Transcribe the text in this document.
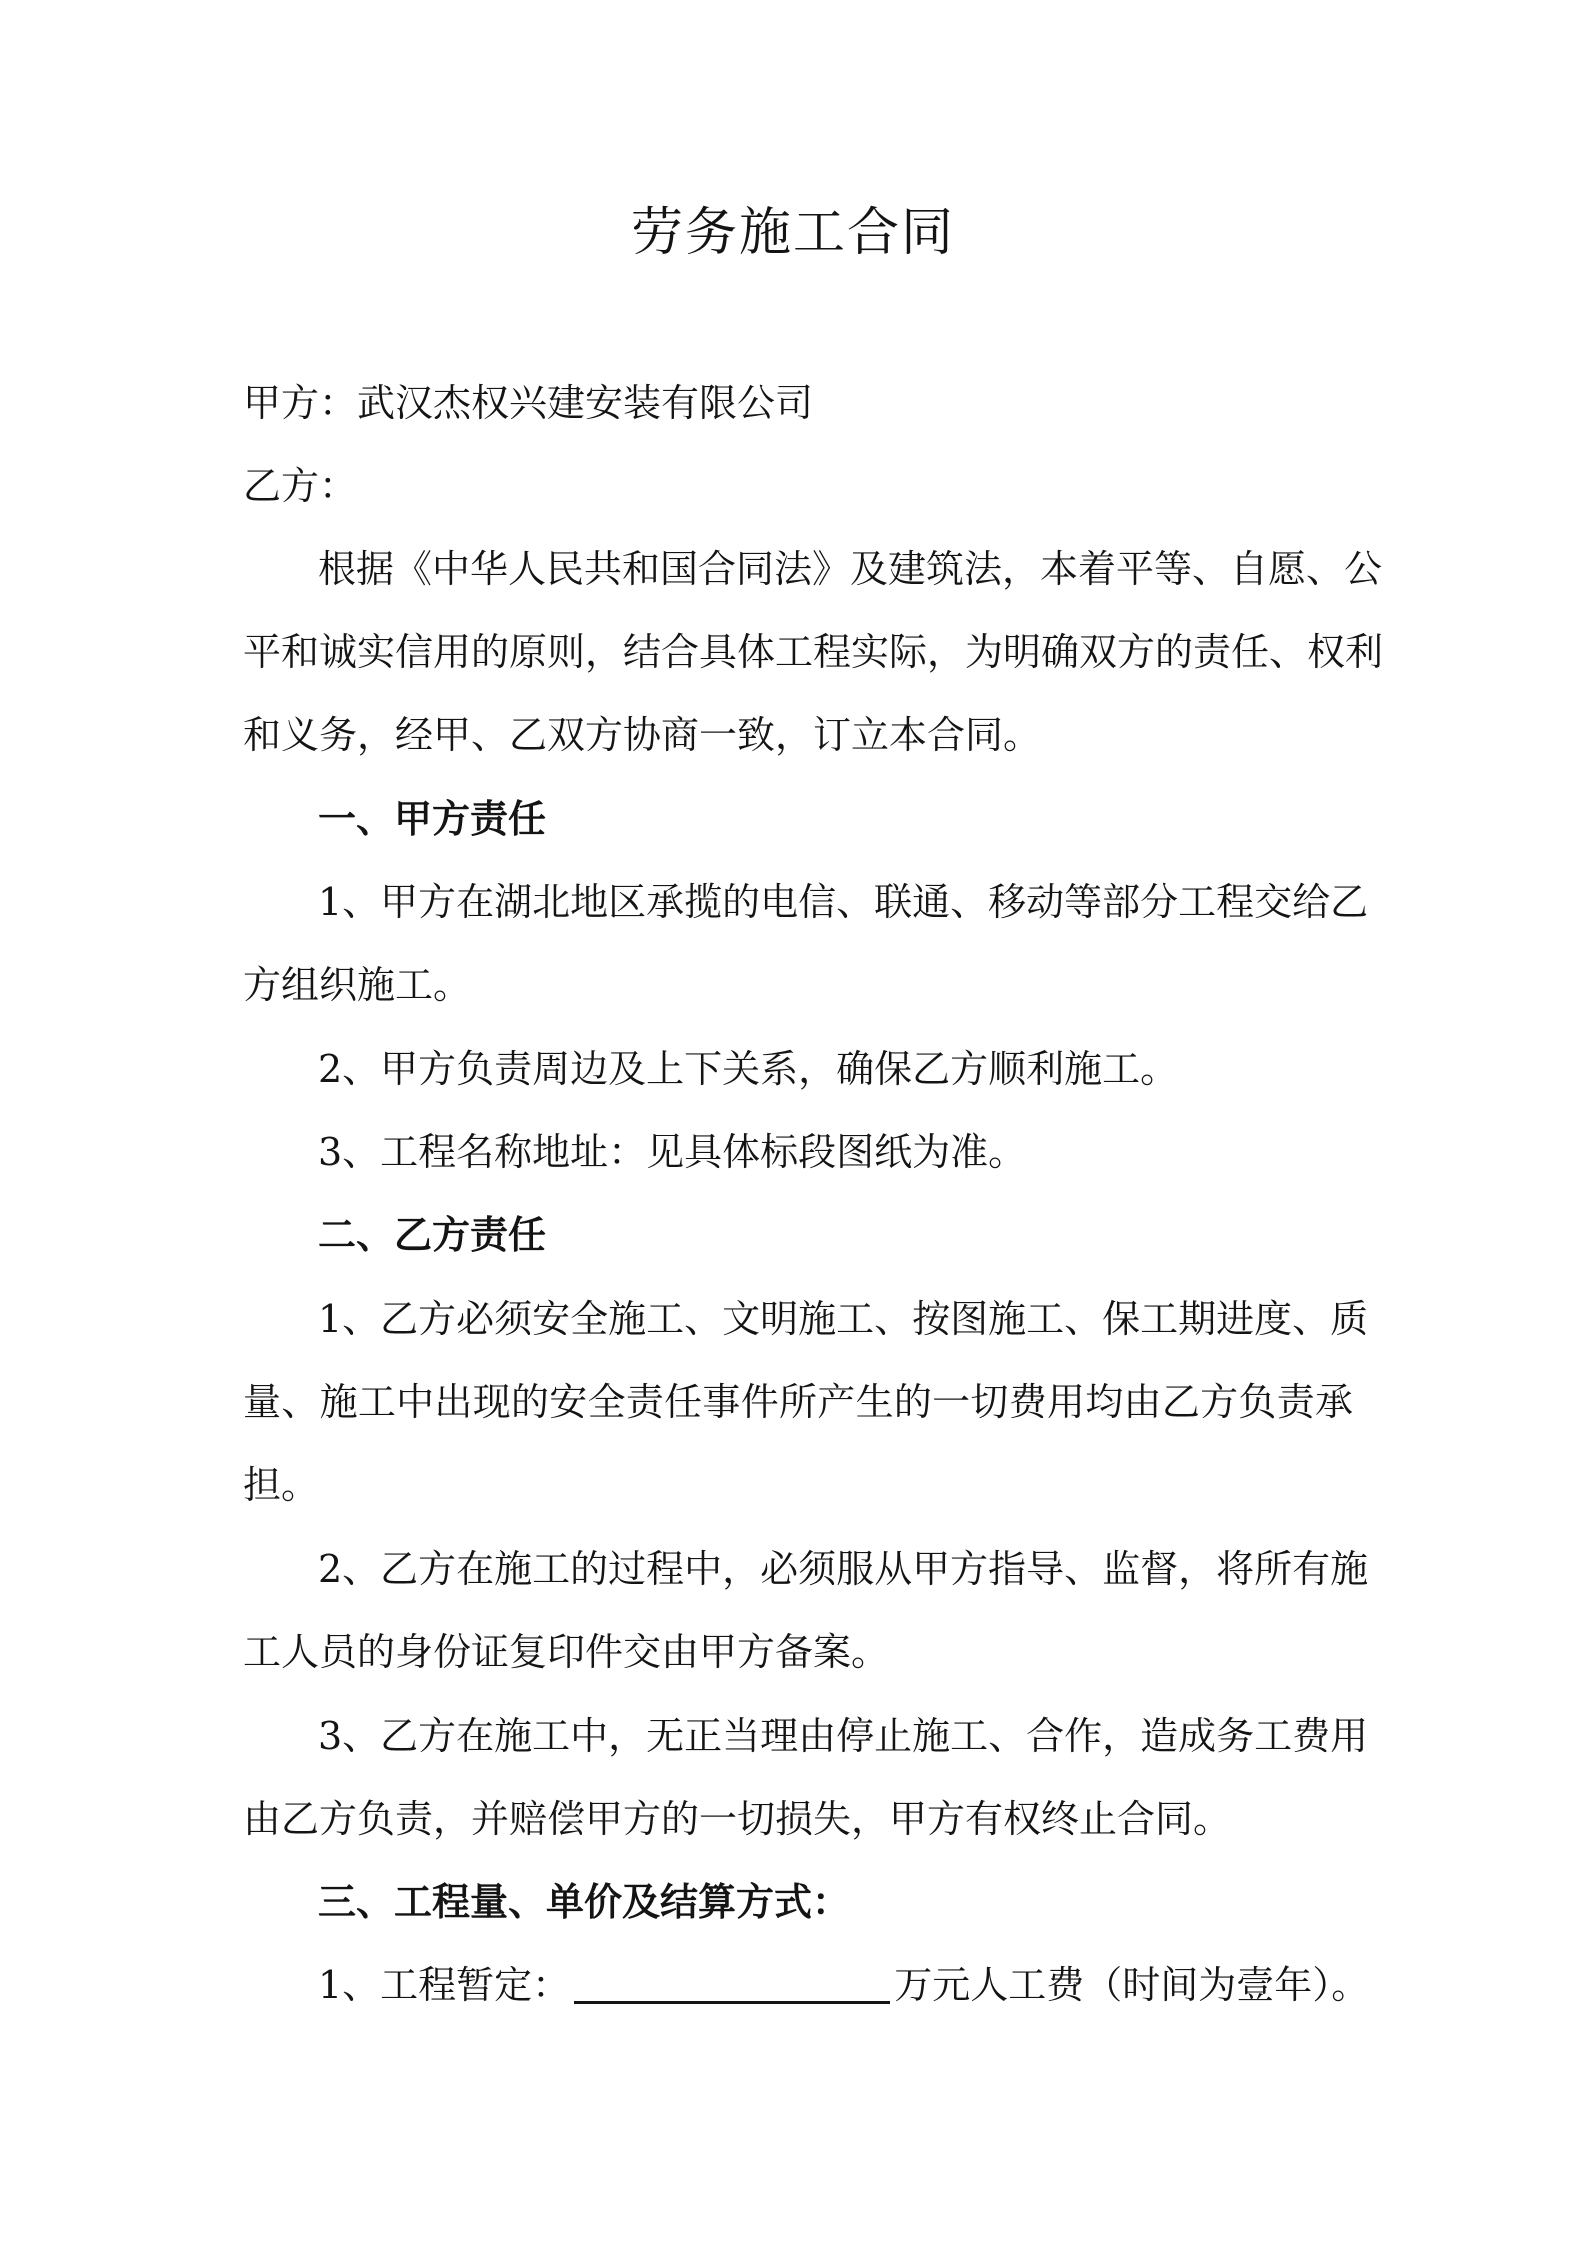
劳务施工合同

甲方：武汉杰权兴建安装有限公司

乙方：

根据《中华人民共和国合同法》及建筑法，本着平等、自愿、公

平和诚实信用的原则，结合具体工程实际，为明确双方的责任、权利

和义务，经甲、乙双方协商一致，订立本合同。

一、甲方责任

1、甲方在湖北地区承揽的电信、联通、移动等部分工程交给乙

方组织施工。

2、甲方负责周边及上下关系，确保乙方顺利施工。

3、工程名称地址：见具体标段图纸为准。

二、乙方责任

1、乙方必须安全施工、文明施工、按图施工、保工期进度、质

量、施工中出现的安全责任事件所产生的一切费用均由乙方负责承

担。

2、乙方在施工的过程中，必须服从甲方指导、监督，将所有施

工人员的身份证复印件交由甲方备案。

3、乙方在施工中，无正当理由停止施工、合作，造成务工费用

由乙方负责，并赔偿甲方的一切损失，甲方有权终止合同。

三、工程量、单价及结算方式：

1、工程暂定：	万元人工费（时间为壹年）。
